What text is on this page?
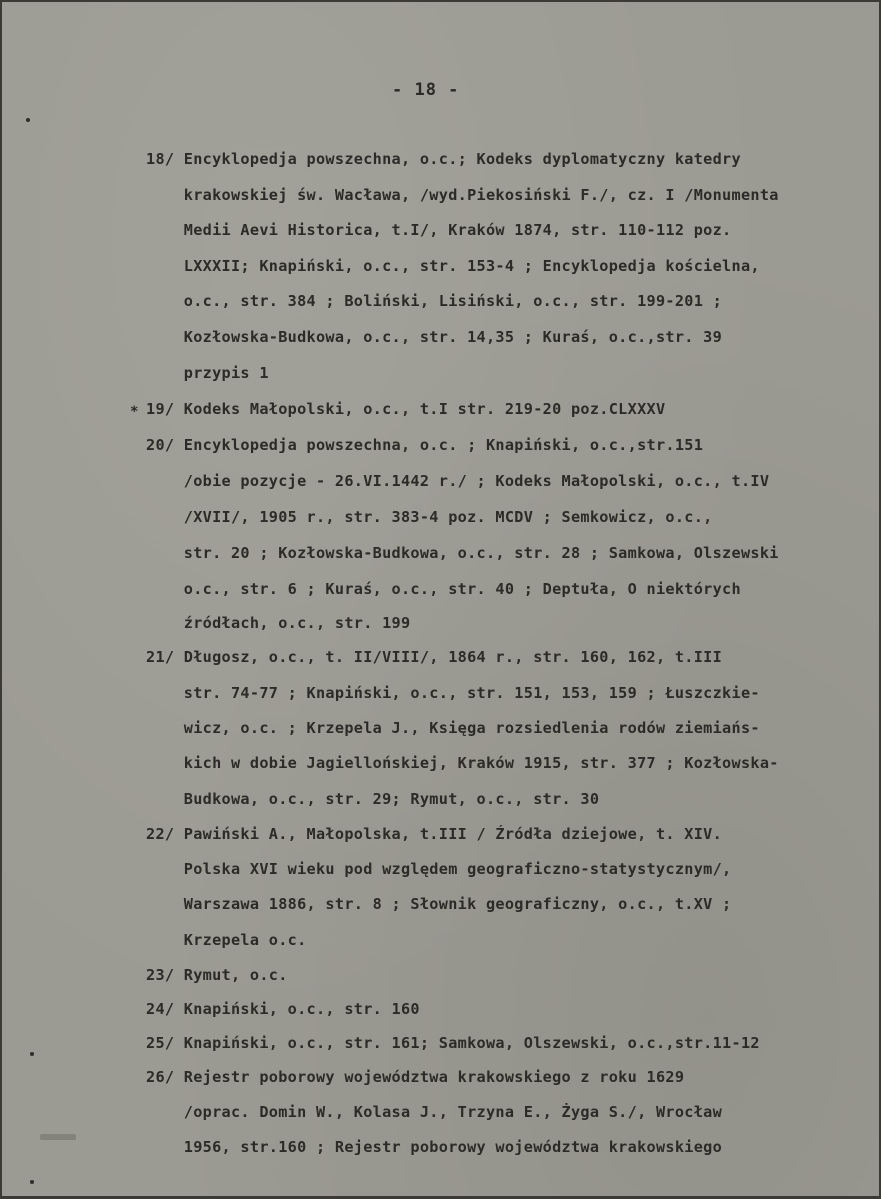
- 18 -
*
18/ Encyklopedja powszechna, o.c.; Kodeks dyplomatyczny katedry
krakowskiej św. Wacława, /wyd.Piekosiński F./, cz. I /Monumenta
Medii Aevi Historica, t.I/, Kraków 1874, str. 110-112 poz.
LXXXII; Knapiński, o.c., str. 153-4 ; Encyklopedja kościelna,
o.c., str. 384 ; Boliński, Lisiński, o.c., str. 199-201 ;
Kozłowska-Budkowa, o.c., str. 14,35 ; Kuraś, o.c.,str. 39
przypis 1
19/ Kodeks Małopolski, o.c., t.I str. 219-20 poz.CLXXXV
20/ Encyklopedja powszechna, o.c. ; Knapiński, o.c.,str.151
/obie pozycje - 26.VI.1442 r./ ; Kodeks Małopolski, o.c., t.IV
/XVII/, 1905 r., str. 383-4 poz. MCDV ; Semkowicz, o.c.,
str. 20 ; Kozłowska-Budkowa, o.c., str. 28 ; Samkowa, Olszewski
o.c., str. 6 ; Kuraś, o.c., str. 40 ; Deptuła, O niektórych
źródłach, o.c., str. 199
21/ Długosz, o.c., t. II/VIII/, 1864 r., str. 160, 162, t.III
str. 74-77 ; Knapiński, o.c., str. 151, 153, 159 ; Łuszczkie-
wicz, o.c. ; Krzepela J., Księga rozsiedlenia rodów ziemiańs-
kich w dobie Jagiellońskiej, Kraków 1915, str. 377 ; Kozłowska-
Budkowa, o.c., str. 29; Rymut, o.c., str. 30
22/ Pawiński A., Małopolska, t.III / Źródła dziejowe, t. XIV.
Polska XVI wieku pod względem geograficzno-statystycznym/,
Warszawa 1886, str. 8 ; Słownik geograficzny, o.c., t.XV ;
Krzepela o.c.
23/ Rymut, o.c.
24/ Knapiński, o.c., str. 160
25/ Knapiński, o.c., str. 161; Samkowa, Olszewski, o.c.,str.11-12
26/ Rejestr poborowy województwa krakowskiego z roku 1629
/oprac. Domin W., Kolasa J., Trzyna E., Żyga S./, Wrocław
1956, str.160 ; Rejestr poborowy województwa krakowskiego
